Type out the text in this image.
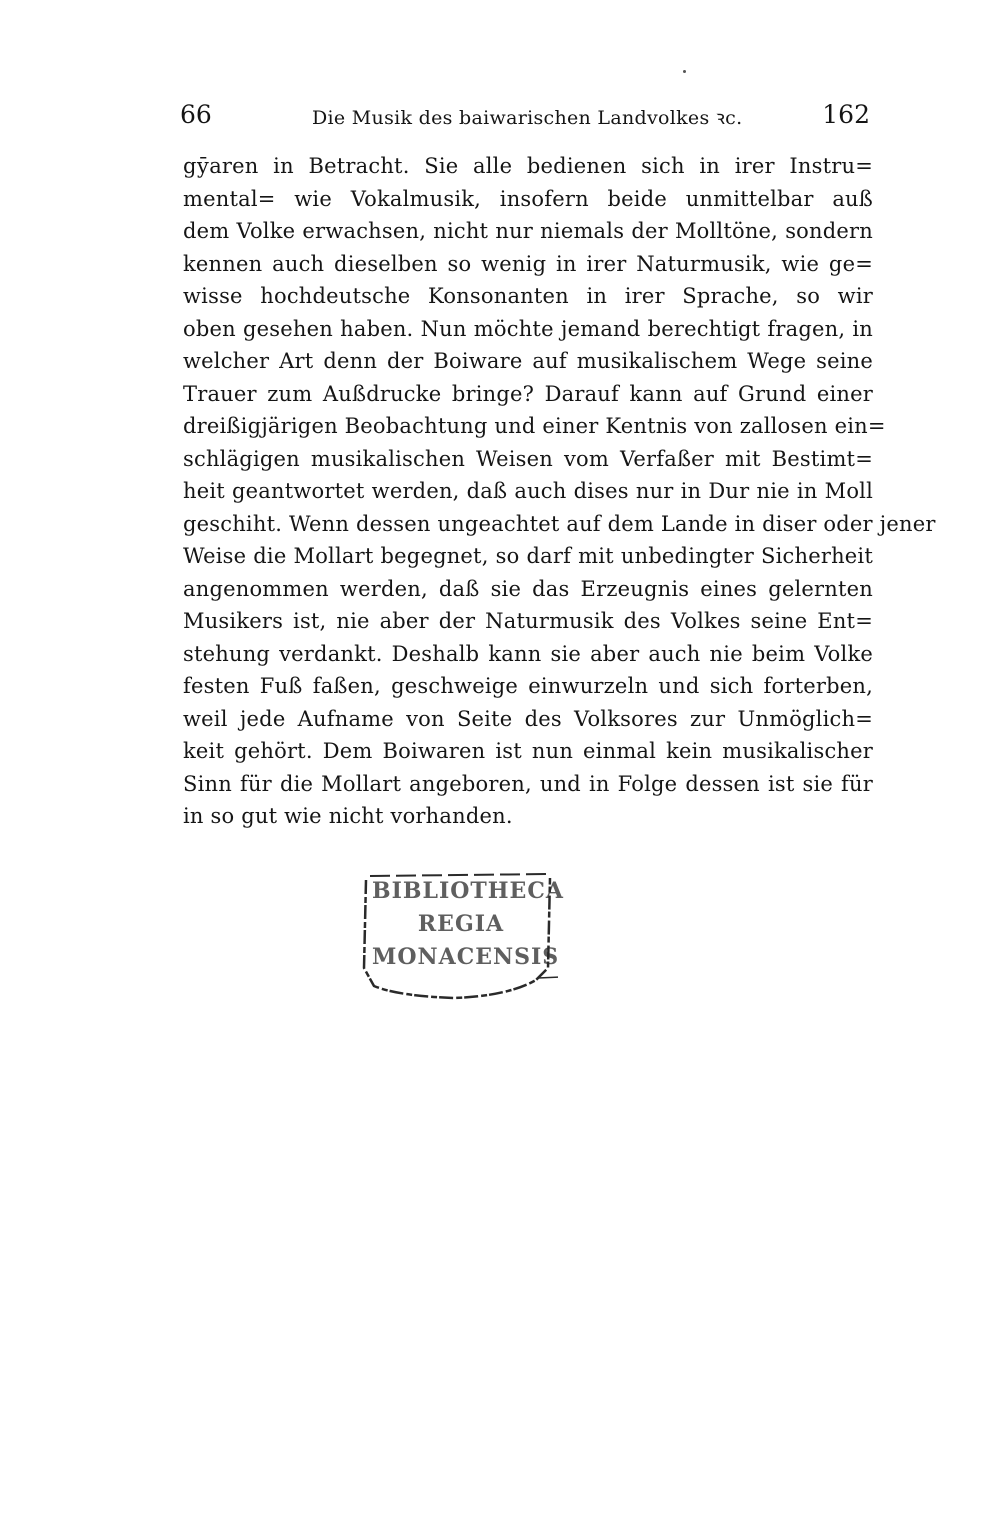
66	Die Musik des baiwarischen Landvolkes ꝛc.	162
gӯaren in Betracht. Sie alle bedienen sich in irer Instru=
mental= wie Vokalmusik, insofern beide unmittelbar auß
dem Volke erwachsen, nicht nur niemals der Molltöne, sondern
kennen auch dieselben so wenig in irer Naturmusik, wie ge=
wisse hochdeutsche Konsonanten in irer Sprache, so wir
oben gesehen haben. Nun möchte jemand berechtigt fragen, in
welcher Art denn der Boiware auf musikalischem Wege seine
Trauer zum Außdrucke bringe? Darauf kann auf Grund einer
dreißigjärigen Beobachtung und einer Kentnis von zallosen ein=
schlägigen musikalischen Weisen vom Verfaßer mit Bestimt=
heit geantwortet werden, daß auch dises nur in Dur nie in Moll
geschiht. Wenn dessen ungeachtet auf dem Lande in diser oder jener
Weise die Mollart begegnet, so darf mit unbedingter Sicherheit
angenommen werden, daß sie das Erzeugnis eines gelernten
Musikers ist, nie aber der Naturmusik des Volkes seine Ent=
stehung verdankt. Deshalb kann sie aber auch nie beim Volke
festen Fuß faßen, geschweige einwurzeln und sich forterben,
weil jede Aufname von Seite des Volksores zur Unmöglich=
keit gehört. Dem Boiwaren ist nun einmal kein musikalischer
Sinn für die Mollart angeboren, und in Folge dessen ist sie für
in so gut wie nicht vorhanden.
BIBLIOTHECA
REGIA
MONACENSIS
